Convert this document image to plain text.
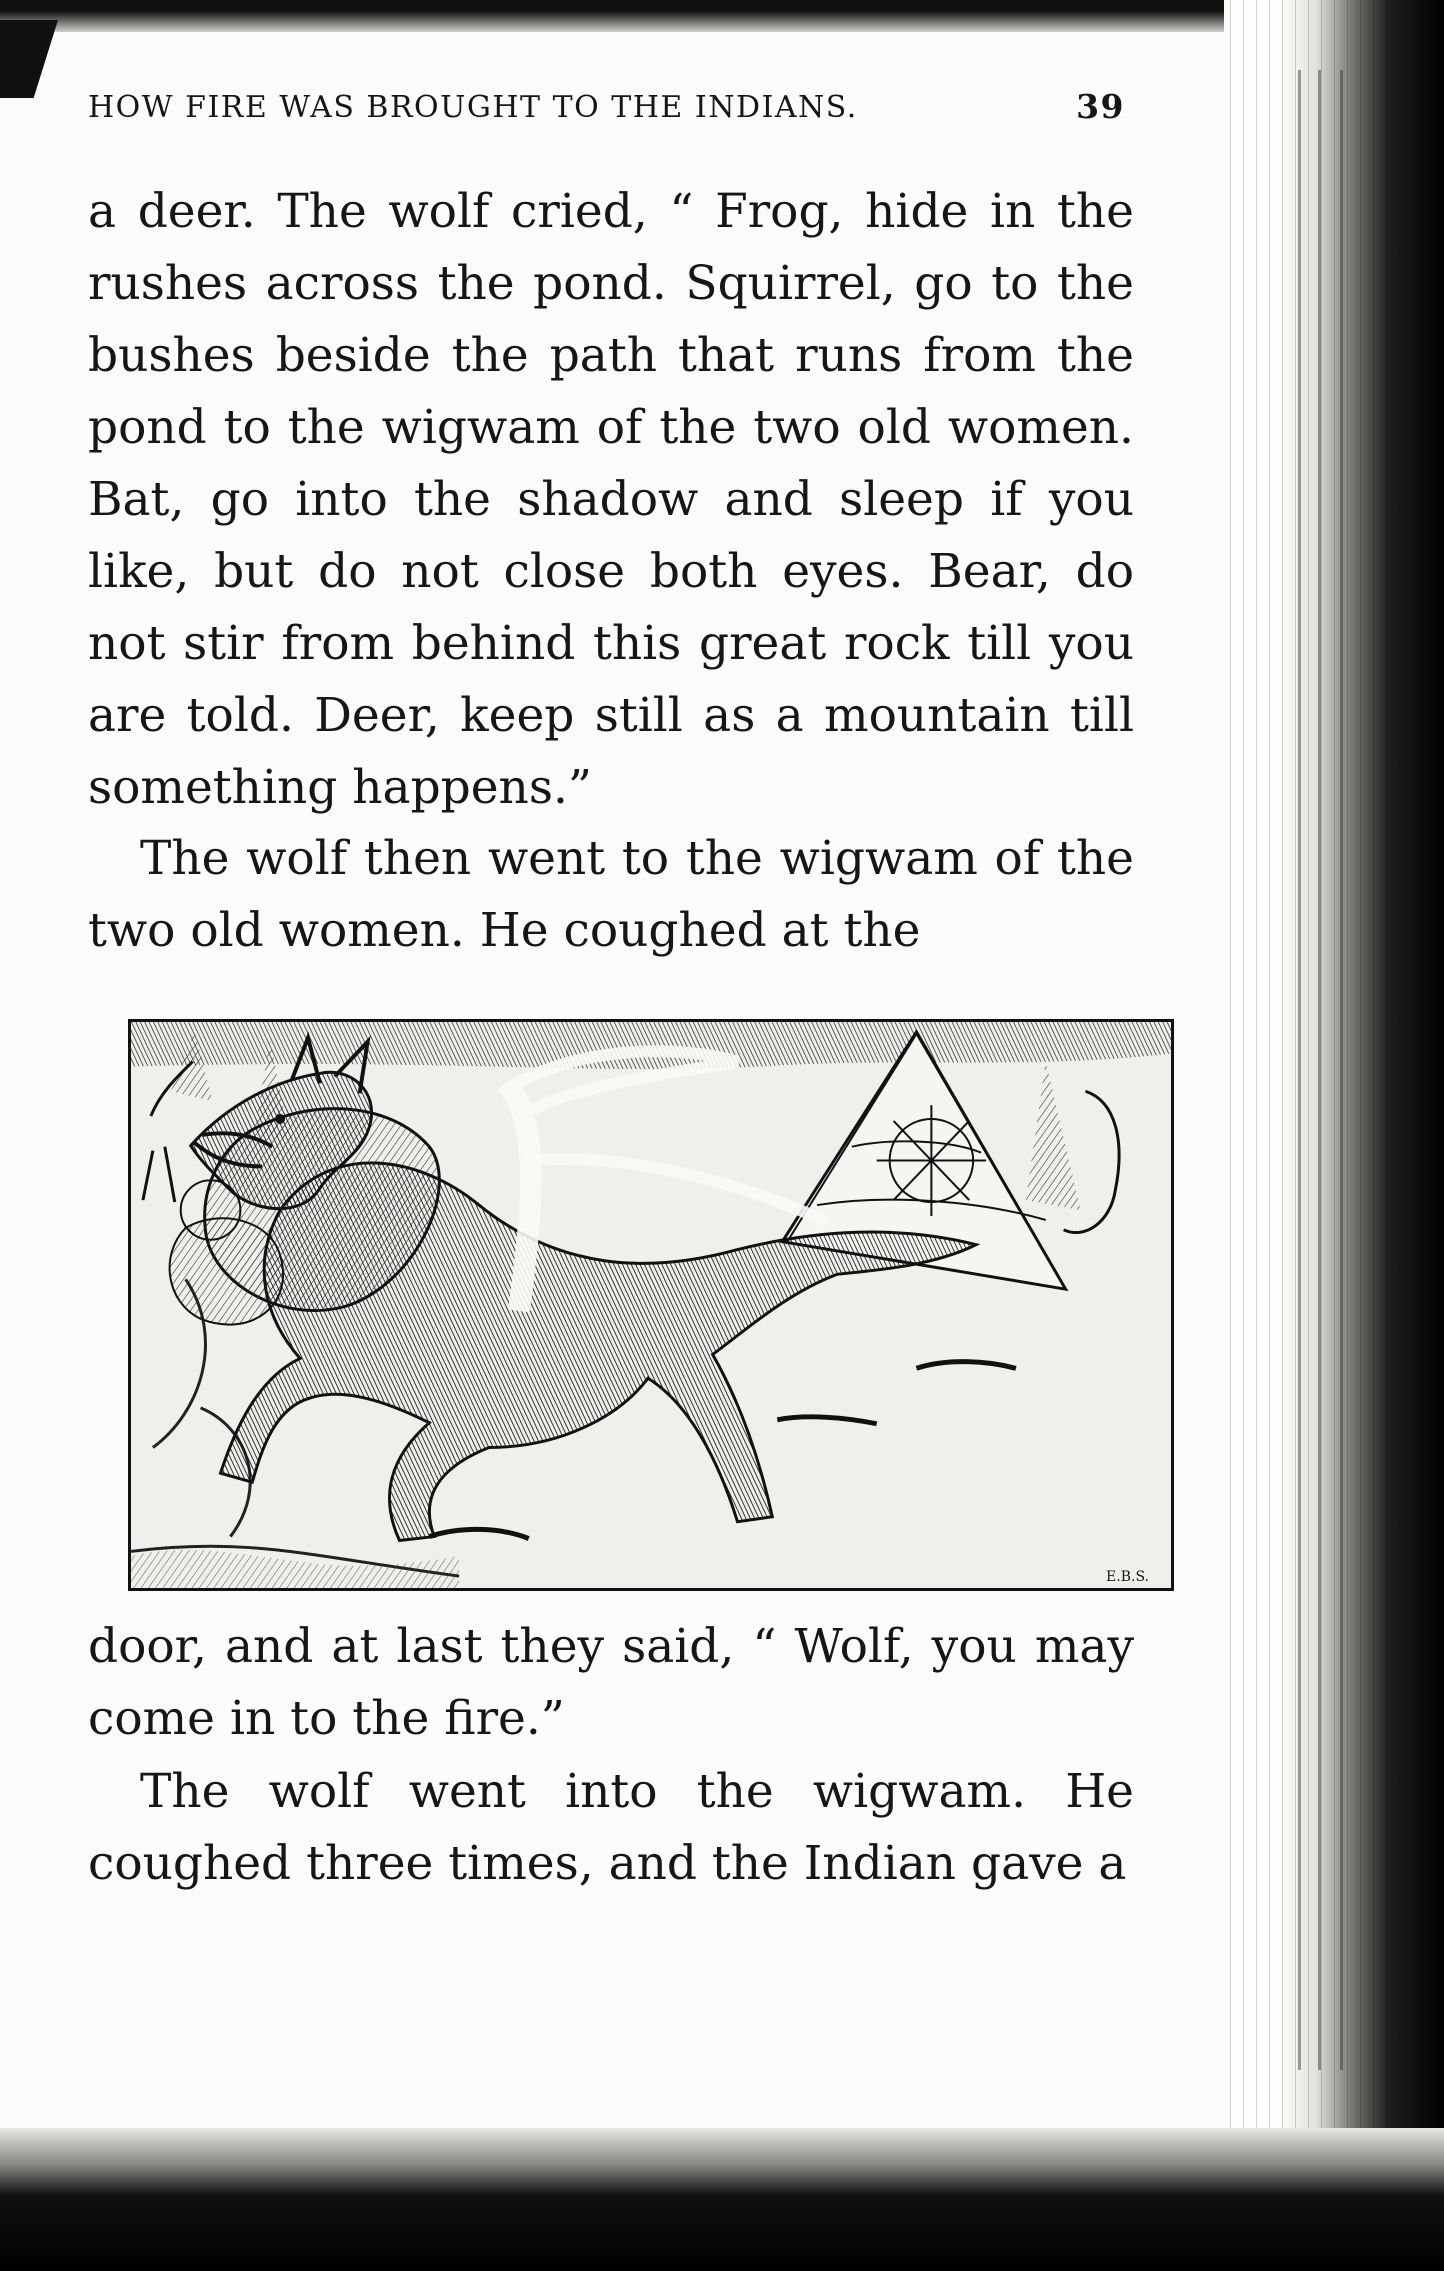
HOW FIRE WAS BROUGHT TO THE INDIANS.	39

a deer. The wolf cried, “ Frog, hide in the rushes across the pond. Squirrel, go to the bushes beside the path that runs from the pond to the wigwam of the two old women. Bat, go into the shadow and sleep if you like, but do not close both eyes. Bear, do not stir from behind this great rock till you are told. Deer, keep still as a mountain till something happens.”

The wolf then went to the wigwam of the two old women. He coughed at the

E.B.S.

door, and at last they said, “ Wolf, you may come in to the fire.”

The wolf went into the wigwam. He coughed three times, and the Indian gave a
